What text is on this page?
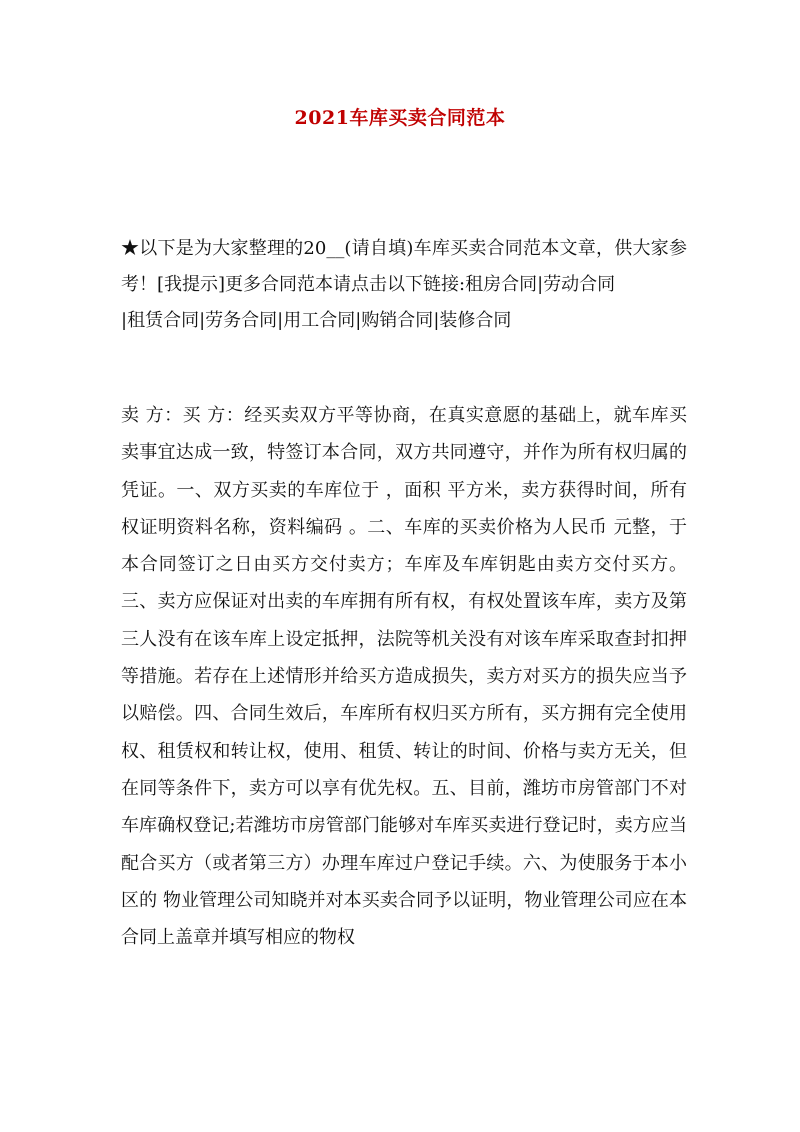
2021车库买卖合同范本
★以下是为大家整理的20__(请自填)车库买卖合同范本文章，供大家参考！[我提示]更多合同范本请点击以下链接:租房合同|劳动合同
|租赁合同|劳务合同|用工合同|购销合同|装修合同
卖 方：买 方：经买卖双方平等协商，在真实意愿的基础上，就车库买卖事宜达成一致，特签订本合同，双方共同遵守，并作为所有权归属的凭证。一、双方买卖的车库位于 ，面积 平方米，卖方获得时间，所有权证明资料名称，资料编码 。二、车库的买卖价格为人民币 元整，于本合同签订之日由买方交付卖方；车库及车库钥匙由卖方交付买方。三、卖方应保证对出卖的车库拥有所有权，有权处置该车库，卖方及第三人没有在该车库上设定抵押，法院等机关没有对该车库采取查封扣押等措施。若存在上述情形并给买方造成损失，卖方对买方的损失应当予以赔偿。四、合同生效后，车库所有权归买方所有，买方拥有完全使用权、租赁权和转让权，使用、租赁、转让的时间、价格与卖方无关，但在同等条件下，卖方可以享有优先权。五、目前，潍坊市房管部门不对车库确权登记;若潍坊市房管部门能够对车库买卖进行登记时，卖方应当配合买方（或者第三方）办理车库过户登记手续。六、为使服务于本小区的 物业管理公司知晓并对本买卖合同予以证明，物业管理公司应在本合同上盖章并填写相应的物权
